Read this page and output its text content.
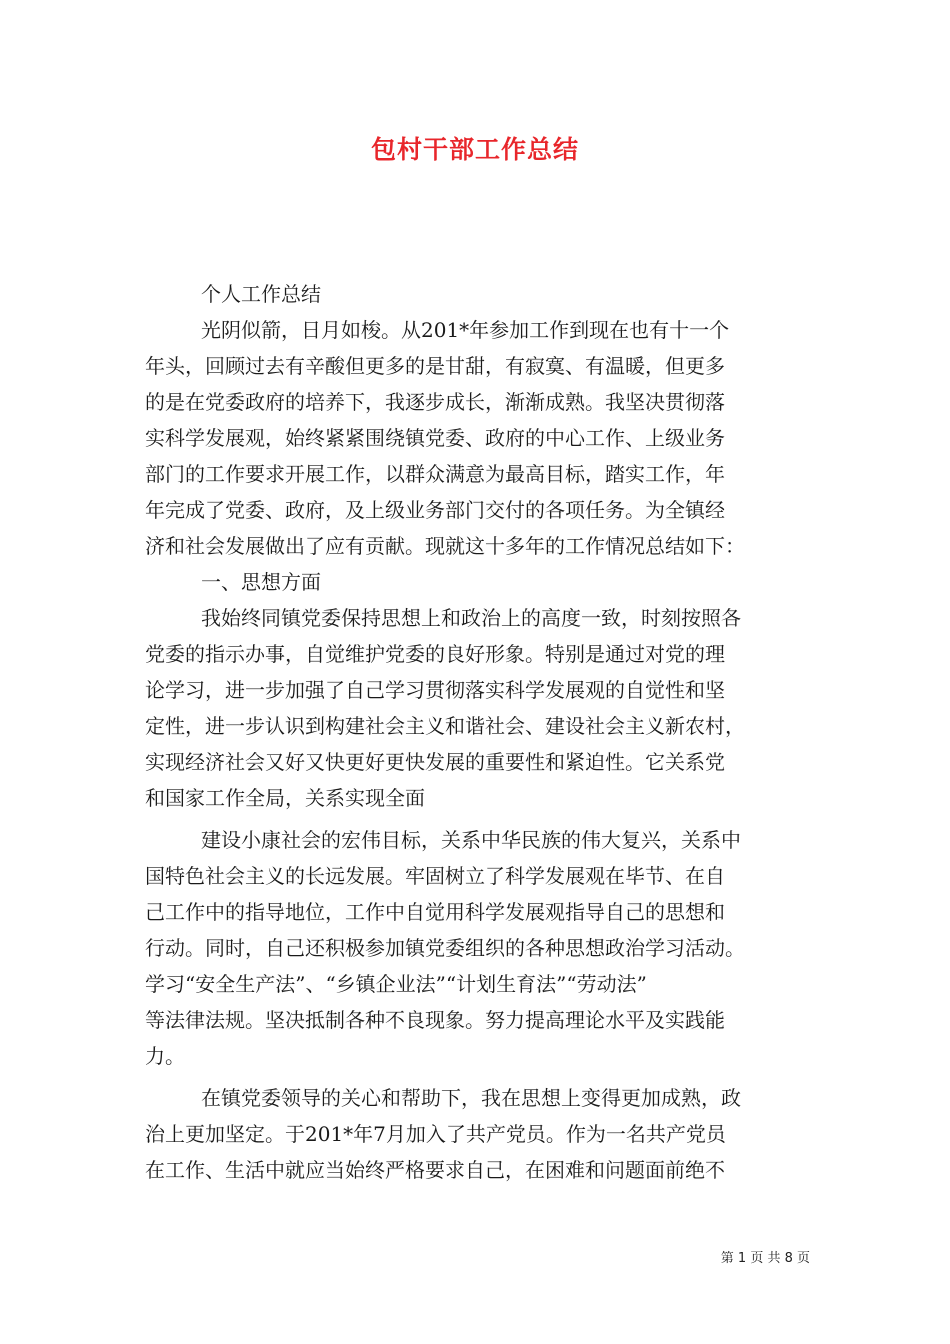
包村干部工作总结
个人工作总结
光阴似箭，日月如梭。从201*年参加工作到现在也有十一个
年头，回顾过去有辛酸但更多的是甘甜，有寂寞、有温暖，但更多
的是在党委政府的培养下，我逐步成长，渐渐成熟。我坚决贯彻落
实科学发展观，始终紧紧围绕镇党委、政府的中心工作、上级业务
部门的工作要求开展工作，以群众满意为最高目标，踏实工作，年
年完成了党委、政府，及上级业务部门交付的各项任务。为全镇经
济和社会发展做出了应有贡献。现就这十多年的工作情况总结如下：
一、思想方面
我始终同镇党委保持思想上和政治上的高度一致，时刻按照各
党委的指示办事，自觉维护党委的良好形象。特别是通过对党的理
论学习，进一步加强了自己学习贯彻落实科学发展观的自觉性和坚
定性，进一步认识到构建社会主义和谐社会、建设社会主义新农村，
实现经济社会又好又快更好更快发展的重要性和紧迫性。它关系党
和国家工作全局，关系实现全面
建设小康社会的宏伟目标，关系中华民族的伟大复兴，关系中
国特色社会主义的长远发展。牢固树立了科学发展观在毕节、在自
己工作中的指导地位，工作中自觉用科学发展观指导自己的思想和
行动。同时，自己还积极参加镇党委组织的各种思想政治学习活动。
学习“安全生产法”、“乡镇企业法”“计划生育法”“劳动法”
等法律法规。坚决抵制各种不良现象。努力提高理论水平及实践能
力。
在镇党委领导的关心和帮助下，我在思想上变得更加成熟，政
治上更加坚定。于201*年7月加入了共产党员。作为一名共产党员
在工作、生活中就应当始终严格要求自己，在困难和问题面前绝不
第 1 页 共 8 页
